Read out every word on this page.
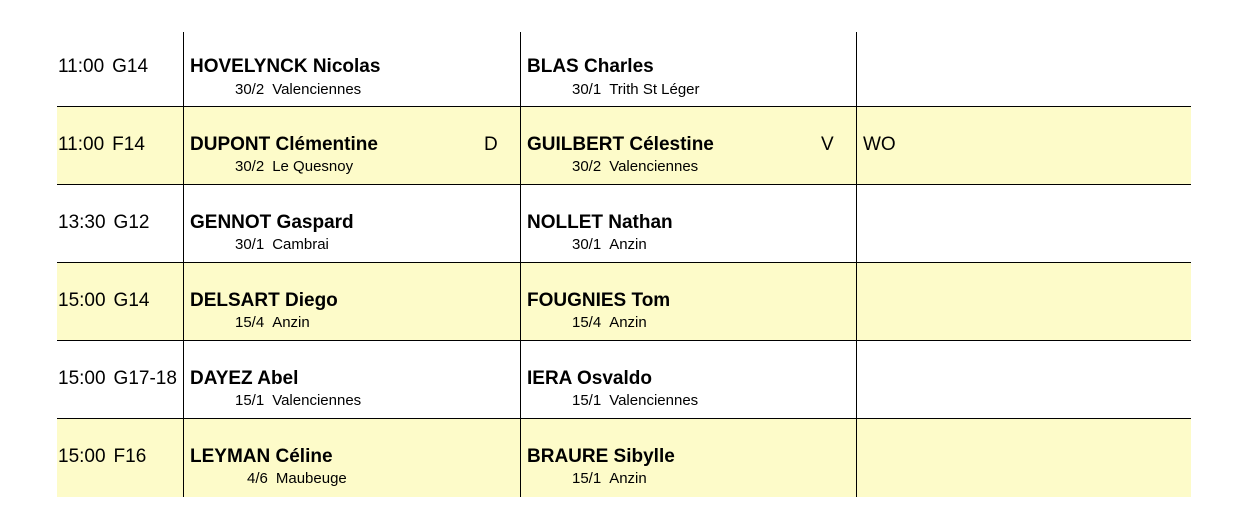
11:00 G14 HOVELYNCK Nicolas
30/2 Valenciennes
BLAS Charles
30/1 Trith St Léger
11:00 F14 DUPONT Clémentine
30/2 Le Quesnoy
D GUILBERT Célestine
30/2 Valenciennes
V WO
13:30 G12 GENNOT Gaspard
30/1 Cambrai
NOLLET Nathan
30/1 Anzin
15:00 G14 DELSART Diego
15/4 Anzin
FOUGNIES Tom
15/4 Anzin
15:00 G17-18 DAYEZ Abel
15/1 Valenciennes
IERA Osvaldo
15/1 Valenciennes
15:00 F16 LEYMAN Céline
4/6 Maubeuge
BRAURE Sibylle
15/1 Anzin
